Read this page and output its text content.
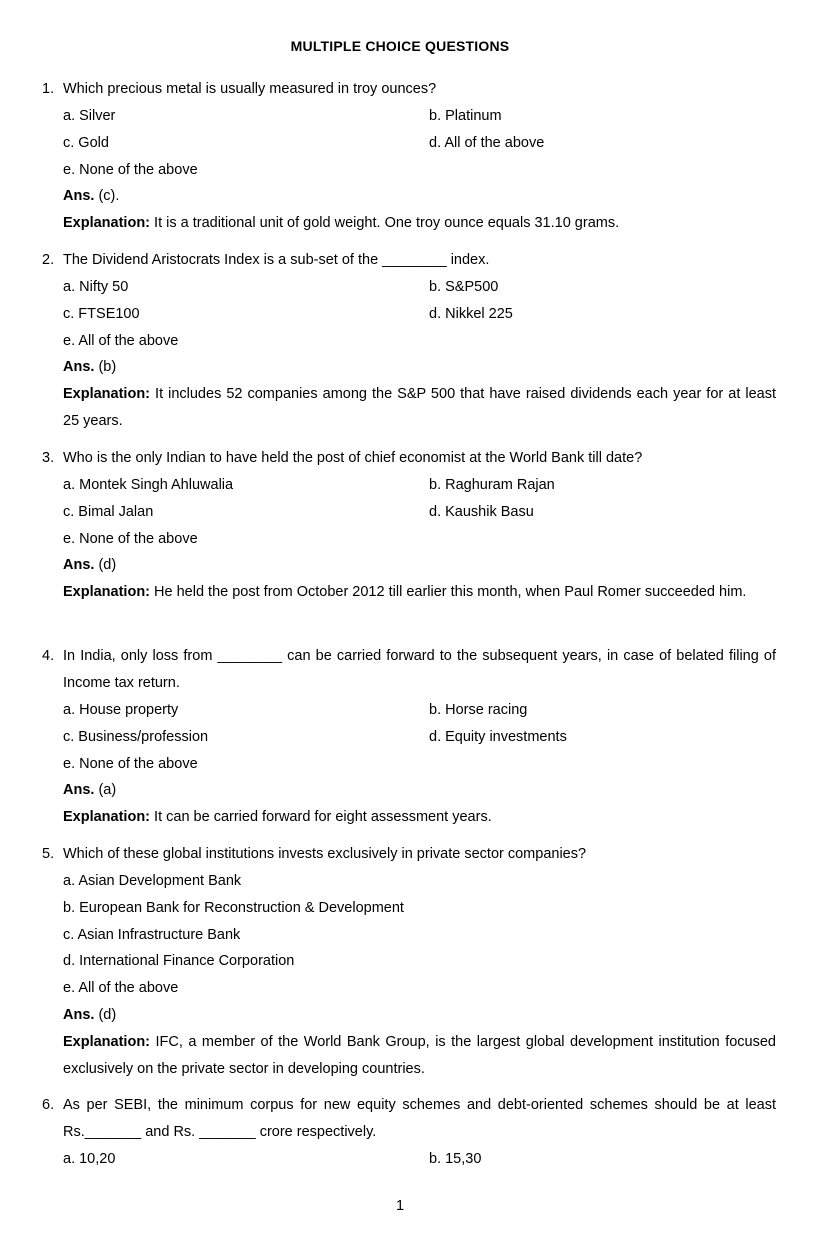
MULTIPLE CHOICE QUESTIONS
1. Which precious metal is usually measured in troy ounces?
a. Silver	b. Platinum
c. Gold	d. All of the above
e. None of the above
Ans. (c).
Explanation: It is a traditional unit of gold weight. One troy ounce equals 31.10 grams.
2. The Dividend Aristocrats Index is a sub-set of the ________ index.
a. Nifty 50	b. S&P500
c. FTSE100	d. Nikkel 225
e. All of the above
Ans. (b)
Explanation: It includes 52 companies among the S&P 500 that have raised dividends each year for at least 25 years.
3. Who is the only Indian to have held the post of chief economist at the World Bank till date?
a. Montek Singh Ahluwalia	b. Raghuram Rajan
c. Bimal Jalan	d. Kaushik Basu
e. None of the above
Ans. (d)
Explanation: He held the post from October 2012 till earlier this month, when Paul Romer succeeded him.
4. In India, only loss from ________ can be carried forward to the subsequent years, in case of belated filing of Income tax return.
a. House property	b. Horse racing
c. Business/profession	d. Equity investments
e. None of the above
Ans. (a)
Explanation: It can be carried forward for eight assessment years.
5. Which of these global institutions invests exclusively in private sector companies?
a. Asian Development Bank
b. European Bank for Reconstruction & Development
c. Asian Infrastructure Bank
d. International Finance Corporation
e. All of the above
Ans. (d)
Explanation: IFC, a member of the World Bank Group, is the largest global development institution focused exclusively on the private sector in developing countries.
6. As per SEBI, the minimum corpus for new equity schemes and debt-oriented schemes should be at least Rs._______ and Rs. _______ crore respectively.
a. 10,20	b. 15,30
1
